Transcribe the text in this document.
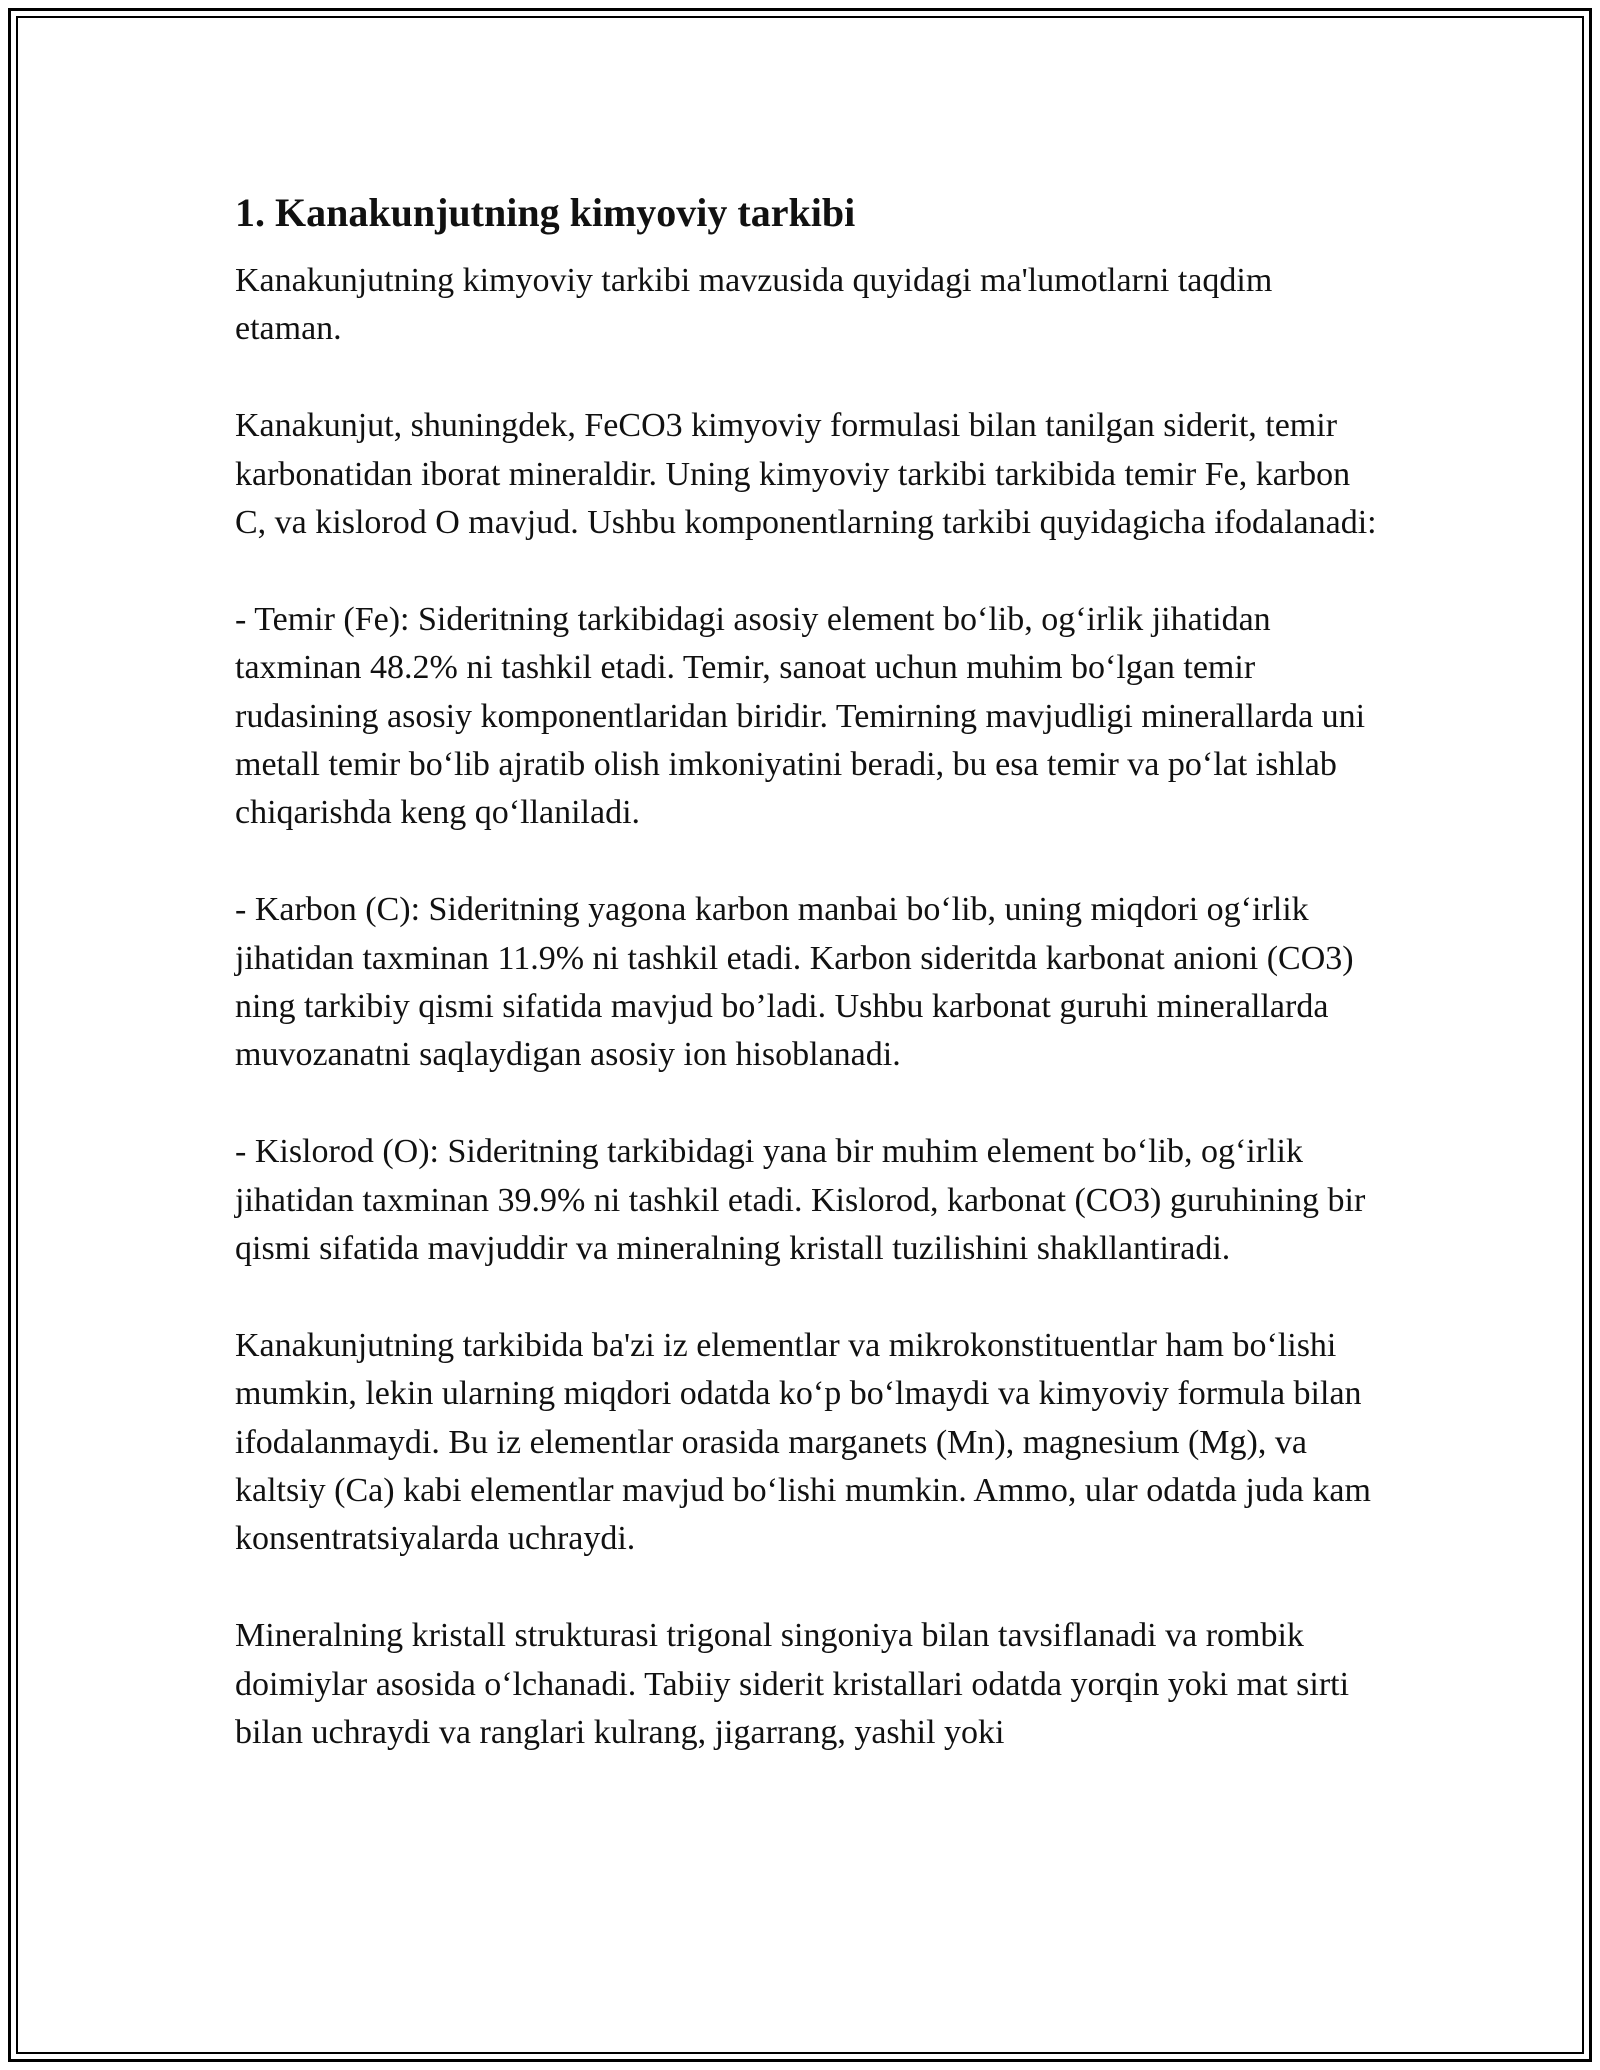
1. Kanakunjutning kimyoviy tarkibi

Kanakunjutning kimyoviy tarkibi mavzusida quyidagi ma'lumotlarni taqdim etaman.

Kanakunjut, shuningdek, FeCO3 kimyoviy formulasi bilan tanilgan siderit, temir karbonatidan iborat mineraldir. Uning kimyoviy tarkibi tarkibida temir Fe, karbon C, va kislorod O mavjud. Ushbu komponentlarning tarkibi quyidagicha ifodalanadi:

- Temir (Fe): Sideritning tarkibidagi asosiy element bo‘lib, og‘irlik jihatidan taxminan 48.2% ni tashkil etadi. Temir, sanoat uchun muhim bo‘lgan temir rudasining asosiy komponentlaridan biridir. Temirning mavjudligi minerallarda uni metall temir bo‘lib ajratib olish imkoniyatini beradi, bu esa temir va po‘lat ishlab chiqarishda keng qo‘llaniladi.

- Karbon (C): Sideritning yagona karbon manbai bo‘lib, uning miqdori og‘irlik jihatidan taxminan 11.9% ni tashkil etadi. Karbon sideritda karbonat anioni (CO3) ning tarkibiy qismi sifatida mavjud bo’ladi. Ushbu karbonat guruhi minerallarda muvozanatni saqlaydigan asosiy ion hisoblanadi.

- Kislorod (O): Sideritning tarkibidagi yana bir muhim element bo‘lib, og‘irlik jihatidan taxminan 39.9% ni tashkil etadi. Kislorod, karbonat (CO3) guruhining bir qismi sifatida mavjuddir va mineralning kristall tuzilishini shakllantiradi.

Kanakunjutning tarkibida ba'zi iz elementlar va mikrokonstituentlar ham bo‘lishi mumkin, lekin ularning miqdori odatda ko‘p bo‘lmaydi va kimyoviy formula bilan ifodalanmaydi. Bu iz elementlar orasida marganets (Mn), magnesium (Mg), va kaltsiy (Ca) kabi elementlar mavjud bo‘lishi mumkin. Ammo, ular odatda juda kam konsentratsiyalarda uchraydi.

Mineralning kristall strukturasi trigonal singoniya bilan tavsiflanadi va rombik doimiylar asosida o‘lchanadi. Tabiiy siderit kristallari odatda yorqin yoki mat sirti bilan uchraydi va ranglari kulrang, jigarrang, yashil yoki
